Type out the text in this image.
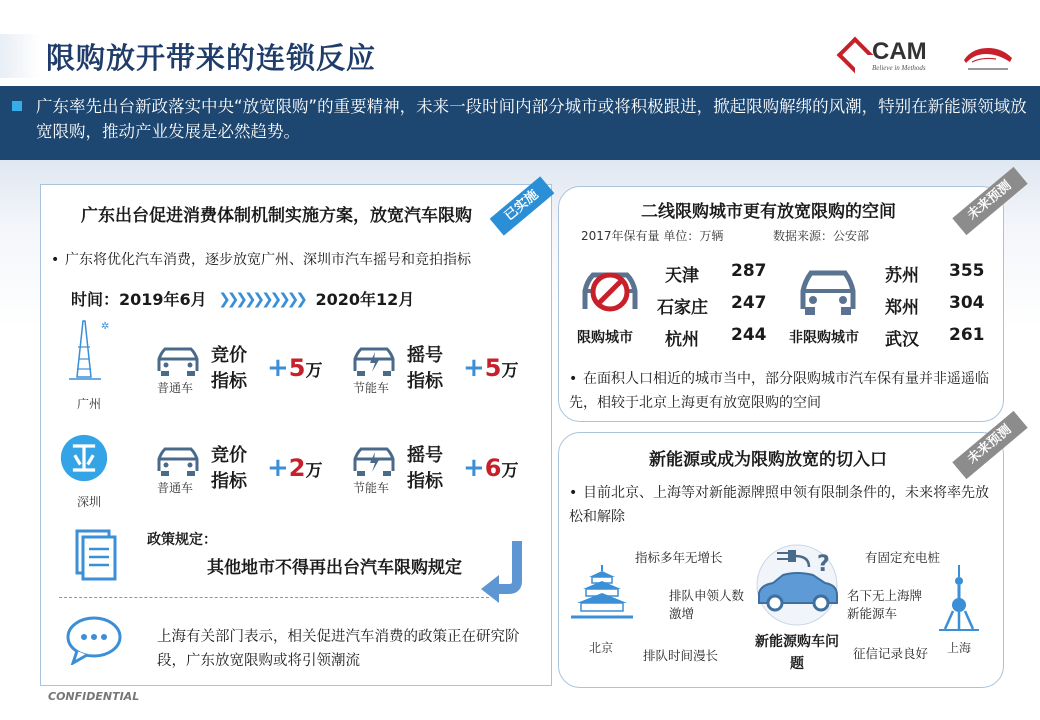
限购放开带来的连锁反应	CAM
Believe in Methods
广东率先出台新政落实中央“放宽限购”的重要精神，未来一段时间内部分城市或将积极跟进，掀起限购解绑的风潮，特别在新能源领域放宽限购，推动产业发展是必然趋势。
广东出台促进消费体制机制实施方案，放宽汽车限购	已实施
• 广东将优化汽车消费，逐步放宽广州、深圳市汽车摇号和竞拍指标
时间：2019年6月 ❯❯❯❯❯❯❯❯❯❯ 2020年12月
✲
广州
普通车
竞价
指标 +5万
节能车
摇号
指标 +5万
深圳
普通车
竞价
指标 +2万
节能车
摇号
指标 +6万
政策规定：
其他地市不得再出台汽车限购规定
上海有关部门表示，相关促进汽车消费的政策正在研究阶段，广东放宽限购或将引领潮流
二线限购城市更有放宽限购的空间
2017年保有量 单位：万辆	数据来源：公安部
限购城市
天津 287
石家庄 247
杭州 244 非限购城市
苏州 355
郑州 304
武汉 261
• 在面积人口相近的城市当中，部分限购城市汽车保有量并非遥遥临先，相较于北京上海更有放宽限购的空间
未来预测
新能源或成为限购放宽的切入口
• 目前北京、上海等对新能源牌照申领有限制条件的，未来将率先放松和解除
北京
指标多年无增长
排队申领人数激增
排队时间漫长
?
新能源购车问题
有固定充电桩
名下无上海牌新能源车
征信记录良好 上海
未来预测
CONFIDENTIAL
